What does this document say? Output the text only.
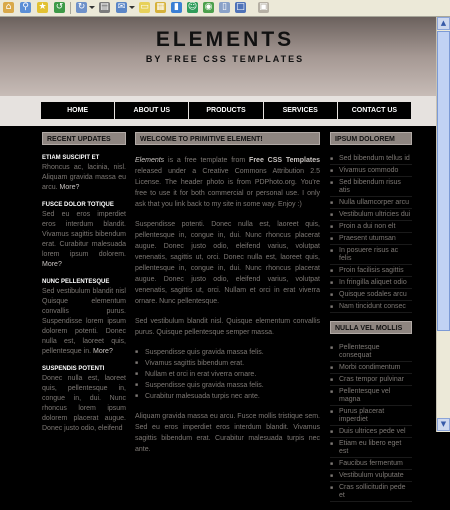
⌂ ⚲ ★ ↺ ↻ ▤ ✉ ▭ ▦	▮ ☺ ◉	▯	□ ▣
ELEMENTS
BY FREE CSS TEMPLATES
HOME	ABOUT US	PRODUCTS	SERVICES	CONTACT US
RECENT UPDATES
ETIAM SUSCIPIT ET
Rhoncus ac, lacinia, nisl. Aliquam gravida massa eu arcu. More?
FUSCE DOLOR TOTIQUE
Sed eu eros imperdiet eros interdum blandit. Vivamus sagittis bibendum erat. Curabitur malesuada lorem ipsum dolorem. More?
NUNC PELLENTESQUE
Sed vestibulum blandit nisl Quisque elementum convallis purus. Suspendisse lorem ipsum dolorem potenti. Donec nulla est, laoreet quis, pellentesque in. More?
SUSPENDIS POTENTI
Donec nulla est, laoreet quis, pellentesque in, congue in, dui. Nunc rhoncus lorem ipsum dolorem placerat augue. Donec justo odio, eleifend
WELCOME TO PRIMITIVE ELEMENT!

Elements is a free template from Free CSS Templates released under a Creative Commons Attribution 2.5 License. The header photo is from PDPhoto.org. You're free to use it for both commercial or personal use. I only ask that you link back to my site in some way. Enjoy :)

Suspendisse potenti. Donec nulla est, laoreet quis, pellentesque in, congue in, dui. Nunc rhoncus placerat augue. Donec justo odio, eleifend varius, volutpat venenatis, sagittis ut, orci. Donec nulla est, laoreet quis, pellentesque in, congue in, dui. Nunc rhoncus placerat augue. Donec justo odio, eleifend varius, volutpat venenatis, sagittis ut, orci. Nullam et orci in erat viverra ornare. Nunc pellentesque.

Sed vestibulum blandit nisl. Quisque elementum convallis purus. Quisque pellentesque semper massa.

■ Suspendisse quis gravida massa felis.
■ Vivamus sagittis bibendum erat.
■ Nullam et orci in erat viverra ornare.
■ Suspendisse quis gravida massa felis.
■ Curabitur malesuada turpis nec ante.

Aliquam gravida massa eu arcu. Fusce mollis tristique sem. Sed eu eros imperdiet eros interdum blandit. Vivamus sagittis bibendum erat. Curabitur malesuada turpis nec ante.

IPSUM DOLOREM
■ Sed bibendum tellus id
■ Vivamus commodo
■ Sed bibendum risus atis
■ Nulla ullamcorper arcu
■ Vestibulum ultricies dui
■ Proin a dui non elt
■ Praesent utumsan
■ In posuere risus ac felis
■ Proin facilisis sagittis
■ In fringilla aliquet odio
■ Quisque sodales arcu
■ Nam tincidunt consec
NULLA VEL MOLLIS
■ Pellentesque consequat
■ Morbi condimentum
■ Cras tempor pulvinar
■ Pellentesque vel magna
■ Purus placerat imperdiet
■ Duis ultrices pede vel
■ Etiam eu libero eget est
■ Faucibus fermentum
■ Vestibulum vulputate
■ Cras sollicitudin pede et
▲
▼
